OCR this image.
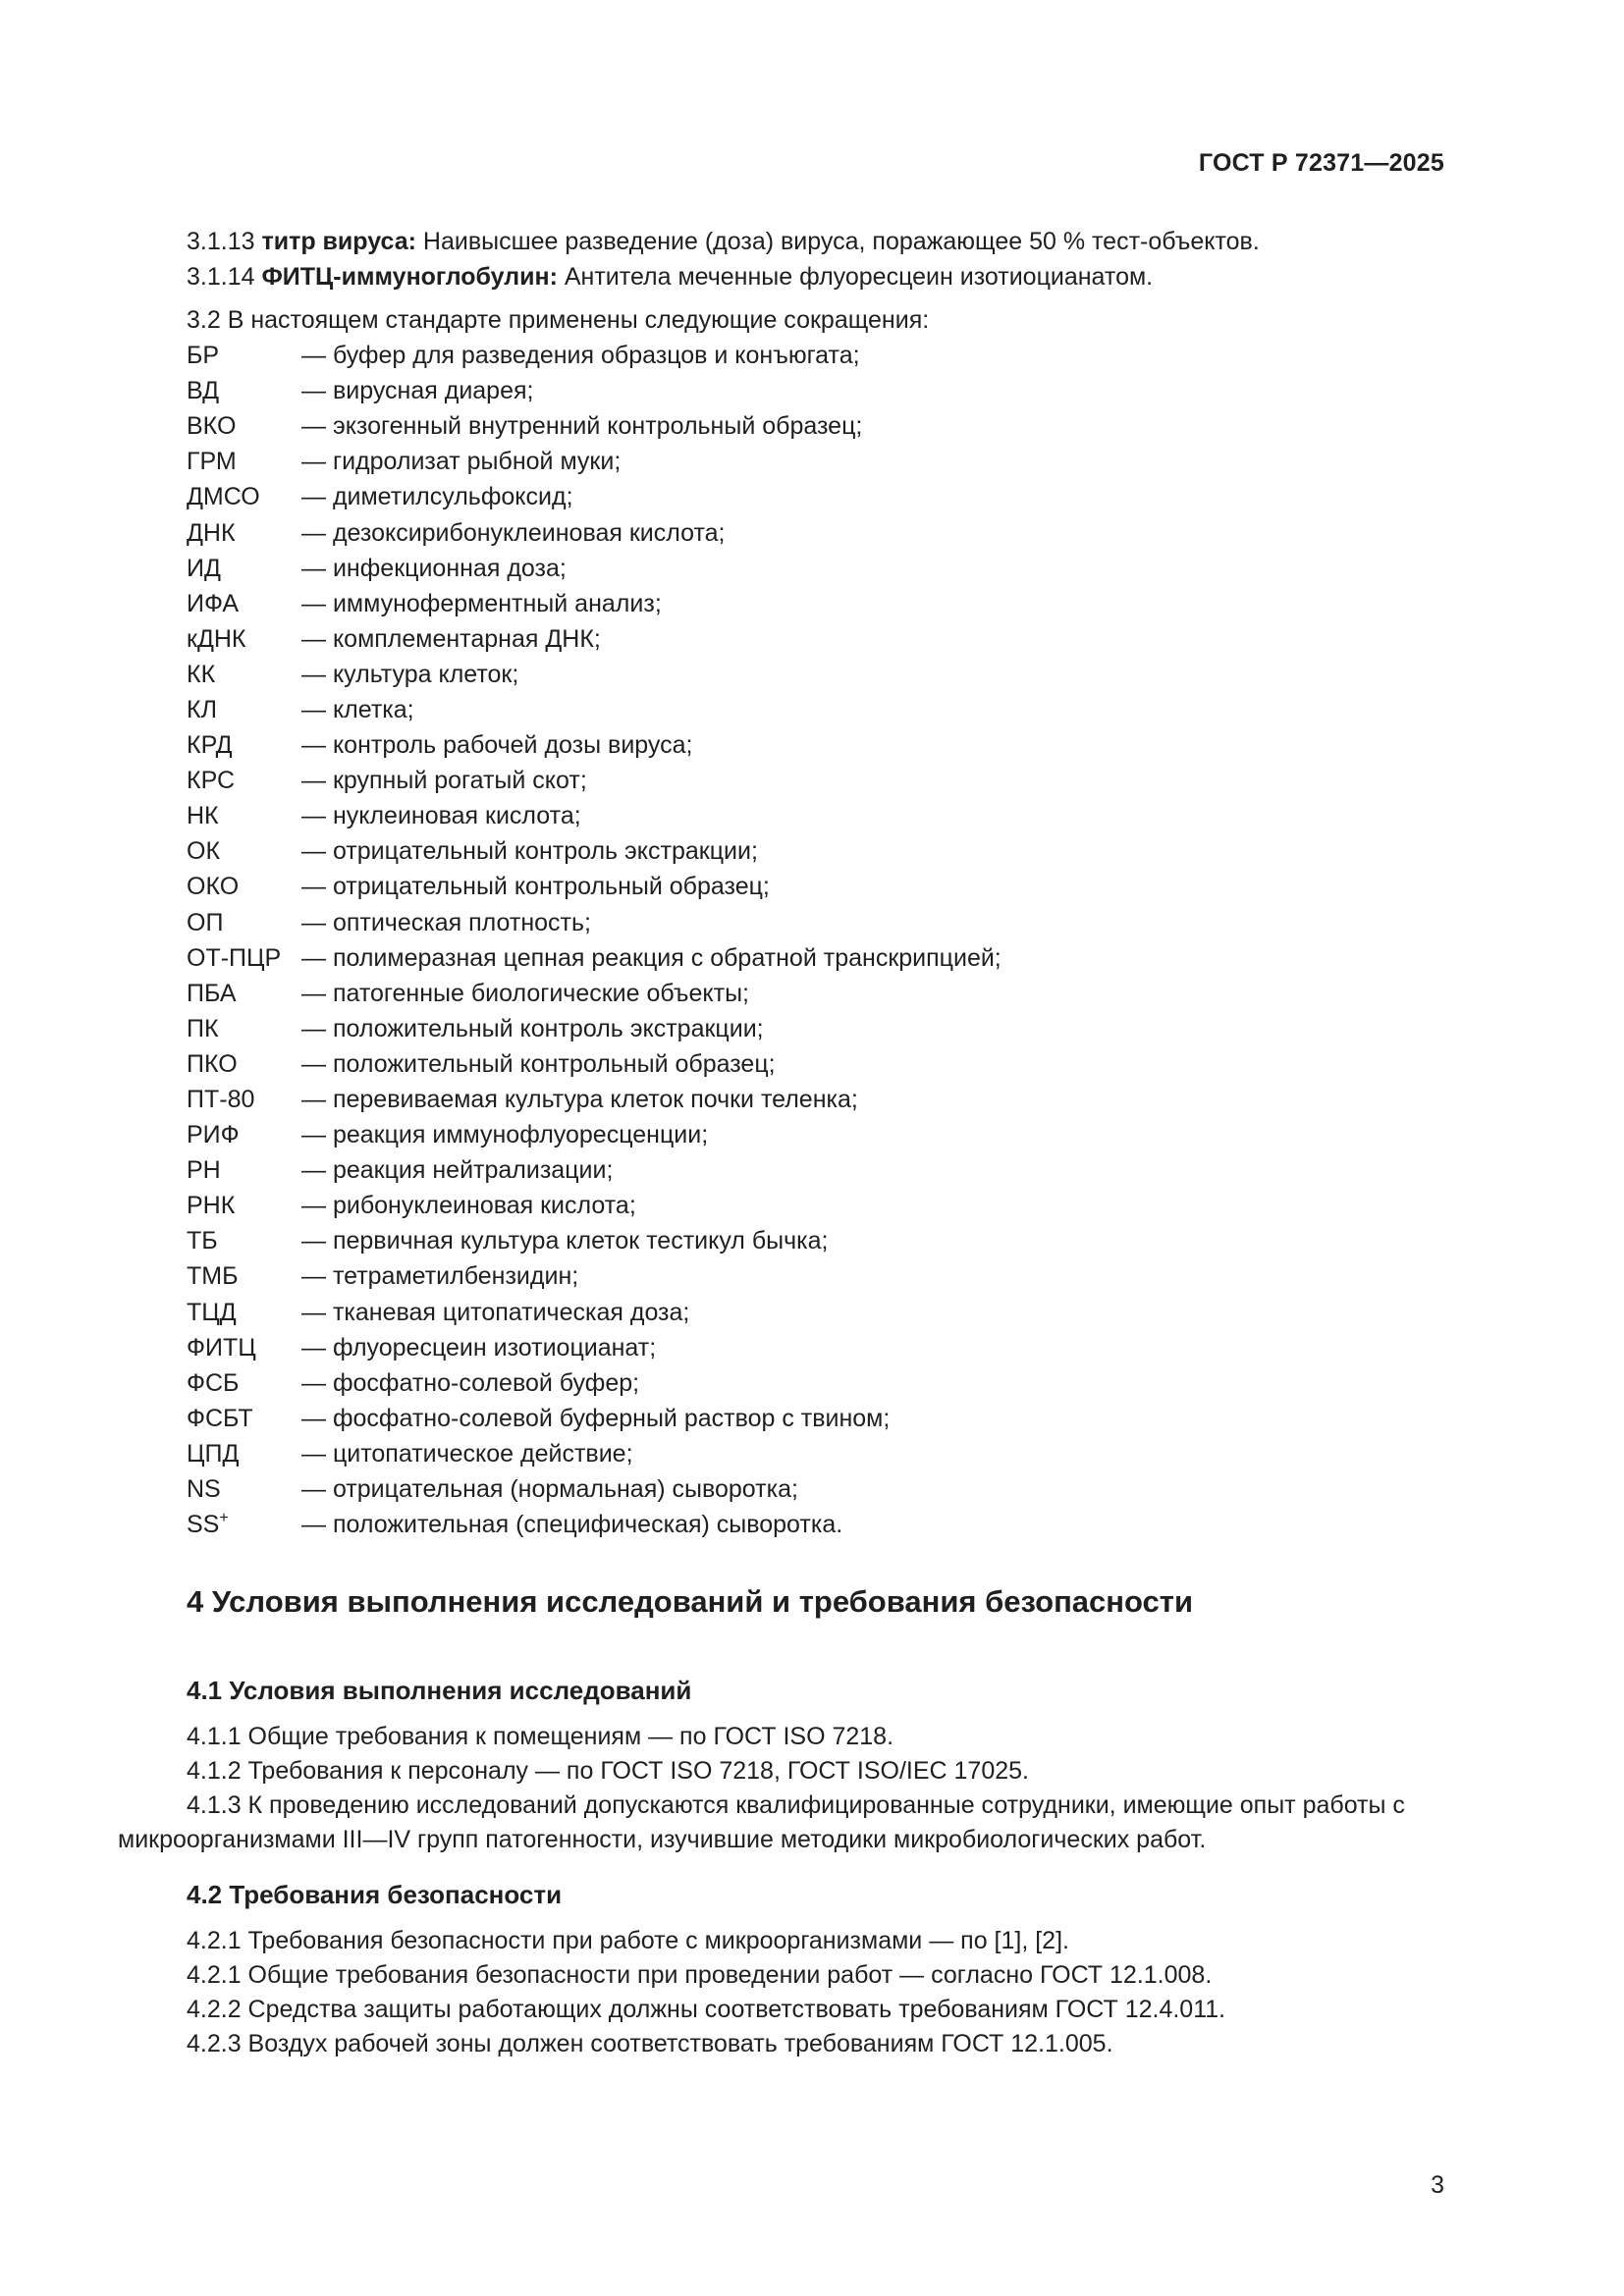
ГОСТ Р 72371—2025

3.1.13 титр вируса: Наивысшее разведение (доза) вируса, поражающее 50 % тест-объектов.

3.1.14 ФИТЦ-иммуноглобулин: Антитела меченные флуоресцеин изотиоцианатом.

3.2 В настоящем стандарте применены следующие сокращения:

БР	— буфер для разведения образцов и конъюгата;
ВД	— вирусная диарея;
ВКО	— экзогенный внутренний контрольный образец;
ГРМ	— гидролизат рыбной муки;
ДМСО	— диметилсульфоксид;
ДНК	— дезоксирибонуклеиновая кислота;
ИД	— инфекционная доза;
ИФА	— иммуноферментный анализ;
кДНК	— комплементарная ДНК;
КК	— культура клеток;
КЛ	— клетка;
КРД	— контроль рабочей дозы вируса;
КРС	— крупный рогатый скот;
НК	— нуклеиновая кислота;
ОК	— отрицательный контроль экстракции;
ОКО	— отрицательный контрольный образец;
ОП	— оптическая плотность;
ОТ-ПЦР — полимеразная цепная реакция с обратной транскрипцией;
ПБА	— патогенные биологические объекты;
ПК	— положительный контроль экстракции;
ПКО	— положительный контрольный образец;
ПТ-80	— перевиваемая культура клеток почки теленка;
РИФ	— реакция иммунофлуоресценции;
РН	— реакция нейтрализации;
РНК	— рибонуклеиновая кислота;
ТБ	— первичная культура клеток тестикул бычка;
ТМБ	— тетраметилбензидин;
ТЦД	— тканевая цитопатическая доза;
ФИТЦ	— флуоресцеин изотиоцианат;
ФСБ	— фосфатно-солевой буфер;
ФСБТ	— фосфатно-солевой буферный раствор с твином;
ЦПД	— цитопатическое действие;
NS	— отрицательная (нормальная) сыворотка;
SS+	— положительная (специфическая) сыворотка.
4 Условия выполнения исследований и требования безопасности
4.1 Условия выполнения исследований

4.1.1 Общие требования к помещениям — по ГОСТ ISO 7218.

4.1.2 Требования к персоналу — по ГОСТ ISO 7218, ГОСТ ISO/IEC 17025.

4.1.3 К проведению исследований допускаются квалифицированные сотрудники, имеющие опыт работы с микроорганизмами III—IV групп патогенности, изучившие методики микробиологических работ.

4.2 Требования безопасности

4.2.1 Требования безопасности при работе с микроорганизмами — по [1], [2].

4.2.1 Общие требования безопасности при проведении работ — согласно ГОСТ 12.1.008.

4.2.2 Средства защиты работающих должны соответствовать требованиям ГОСТ 12.4.011.

4.2.3 Воздух рабочей зоны должен соответствовать требованиям ГОСТ 12.1.005.

3
